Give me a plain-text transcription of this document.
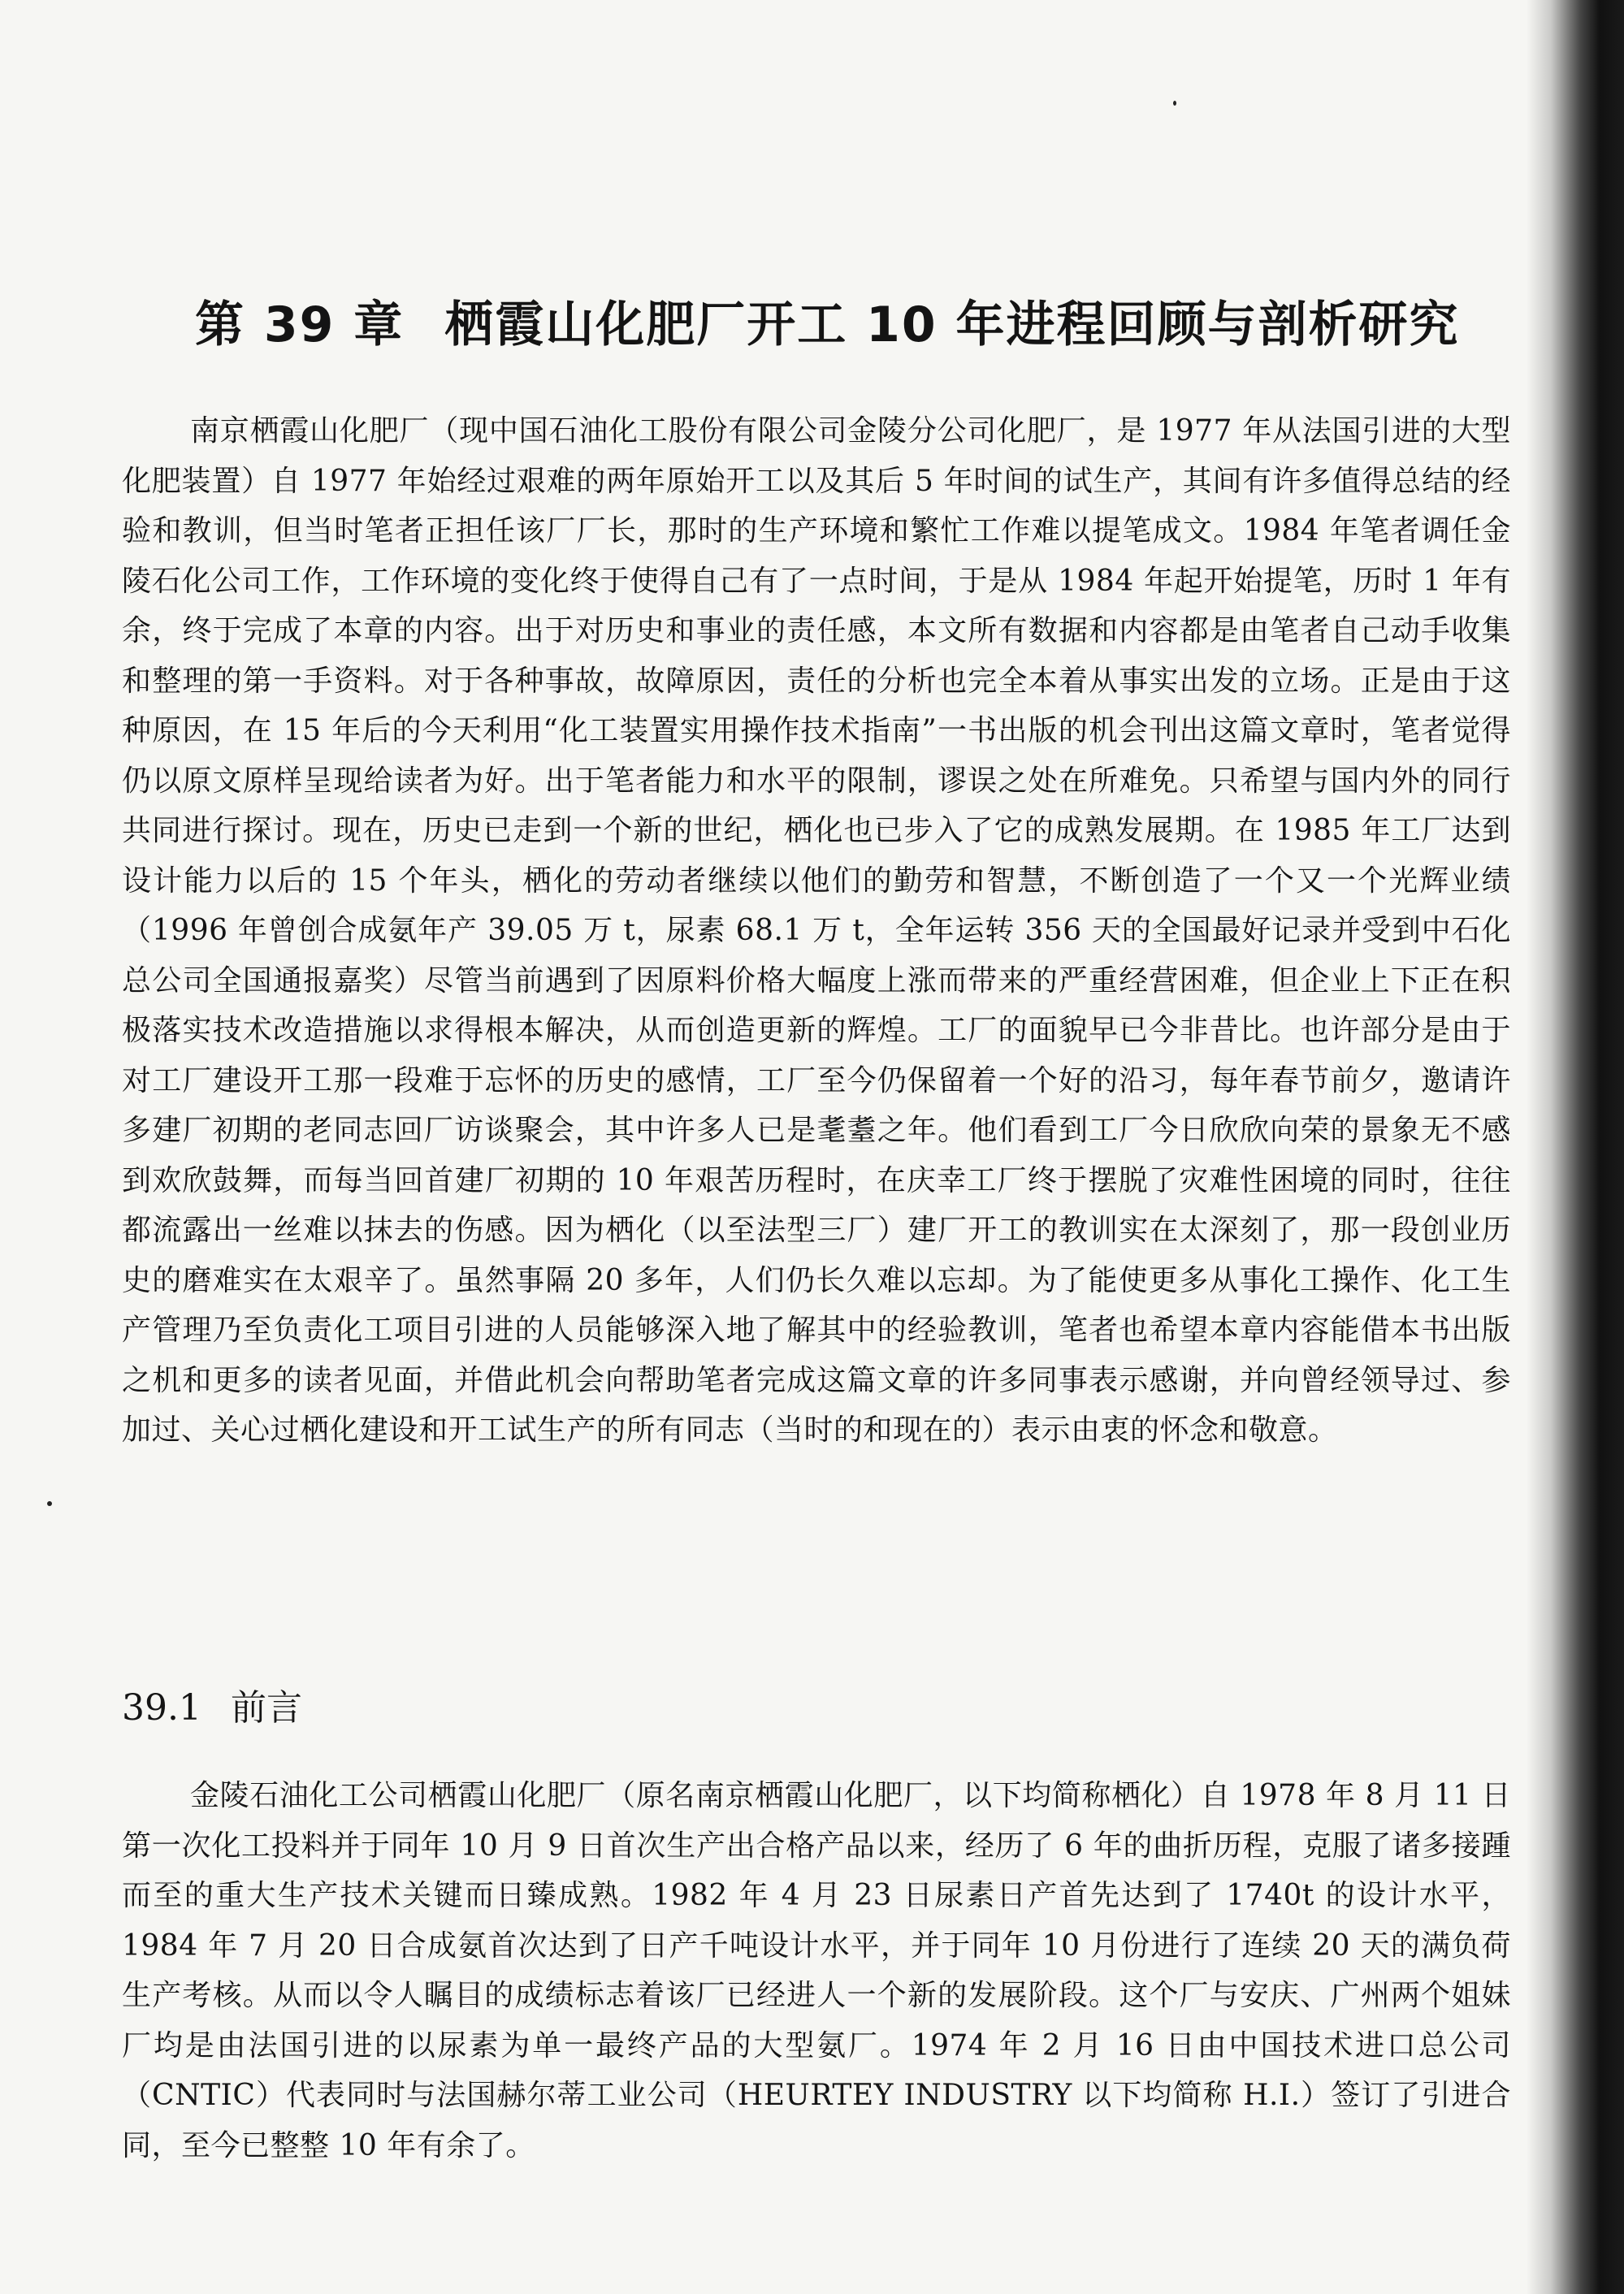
第 39 章 栖霞山化肥厂开工 10 年进程回顾与剖析研究

南京栖霞山化肥厂（现中国石油化工股份有限公司金陵分公司化肥厂，是 1977 年从法国引进的大型化肥装置）自 1977 年始经过艰难的两年原始开工以及其后 5 年时间的试生产，其间有许多值得总结的经验和教训，但当时笔者正担任该厂厂长，那时的生产环境和繁忙工作难以提笔成文。1984 年笔者调任金陵石化公司工作，工作环境的变化终于使得自己有了一点时间，于是从 1984 年起开始提笔，历时 1 年有余，终于完成了本章的内容。出于对历史和事业的责任感，本文所有数据和内容都是由笔者自己动手收集和整理的第一手资料。对于各种事故，故障原因，责任的分析也完全本着从事实出发的立场。正是由于这种原因，在 15 年后的今天利用“化工装置实用操作技术指南”一书出版的机会刊出这篇文章时，笔者觉得仍以原文原样呈现给读者为好。出于笔者能力和水平的限制，谬误之处在所难免。只希望与国内外的同行共同进行探讨。现在，历史已走到一个新的世纪，栖化也已步入了它的成熟发展期。在 1985 年工厂达到设计能力以后的 15 个年头，栖化的劳动者继续以他们的勤劳和智慧，不断创造了一个又一个光辉业绩（1996 年曾创合成氨年产 39.05 万 t，尿素 68.1 万 t，全年运转 356 天的全国最好记录并受到中石化总公司全国通报嘉奖）尽管当前遇到了因原料价格大幅度上涨而带来的严重经营困难，但企业上下正在积极落实技术改造措施以求得根本解决，从而创造更新的辉煌。工厂的面貌早已今非昔比。也许部分是由于对工厂建设开工那一段难于忘怀的历史的感情，工厂至今仍保留着一个好的沿习，每年春节前夕，邀请许多建厂初期的老同志回厂访谈聚会，其中许多人已是耄耋之年。他们看到工厂今日欣欣向荣的景象无不感到欢欣鼓舞，而每当回首建厂初期的 10 年艰苦历程时，在庆幸工厂终于摆脱了灾难性困境的同时，往往都流露出一丝难以抹去的伤感。因为栖化（以至法型三厂）建厂开工的教训实在太深刻了，那一段创业历史的磨难实在太艰辛了。虽然事隔 20 多年，人们仍长久难以忘却。为了能使更多从事化工操作、化工生产管理乃至负责化工项目引进的人员能够深入地了解其中的经验教训，笔者也希望本章内容能借本书出版之机和更多的读者见面，并借此机会向帮助笔者完成这篇文章的许多同事表示感谢，并向曾经领导过、参加过、关心过栖化建设和开工试生产的所有同志（当时的和现在的）表示由衷的怀念和敬意。

39.1 前言

金陵石油化工公司栖霞山化肥厂（原名南京栖霞山化肥厂，以下均简称栖化）自 1978 年 8 月 11 日第一次化工投料并于同年 10 月 9 日首次生产出合格产品以来，经历了 6 年的曲折历程，克服了诸多接踵而至的重大生产技术关键而日臻成熟。1982 年 4 月 23 日尿素日产首先达到了 1740t 的设计水平，1984 年 7 月 20 日合成氨首次达到了日产千吨设计水平，并于同年 10 月份进行了连续 20 天的满负荷生产考核。从而以令人瞩目的成绩标志着该厂已经进人一个新的发展阶段。这个厂与安庆、广州两个姐妹厂均是由法国引进的以尿素为单一最终产品的大型氨厂。1974 年 2 月 16 日由中国技术进口总公司（CNTIC）代表同时与法国赫尔蒂工业公司（HEURTEY INDUSTRY 以下均简称 H.I.）签订了引进合同，至今已整整 10 年有余了。
